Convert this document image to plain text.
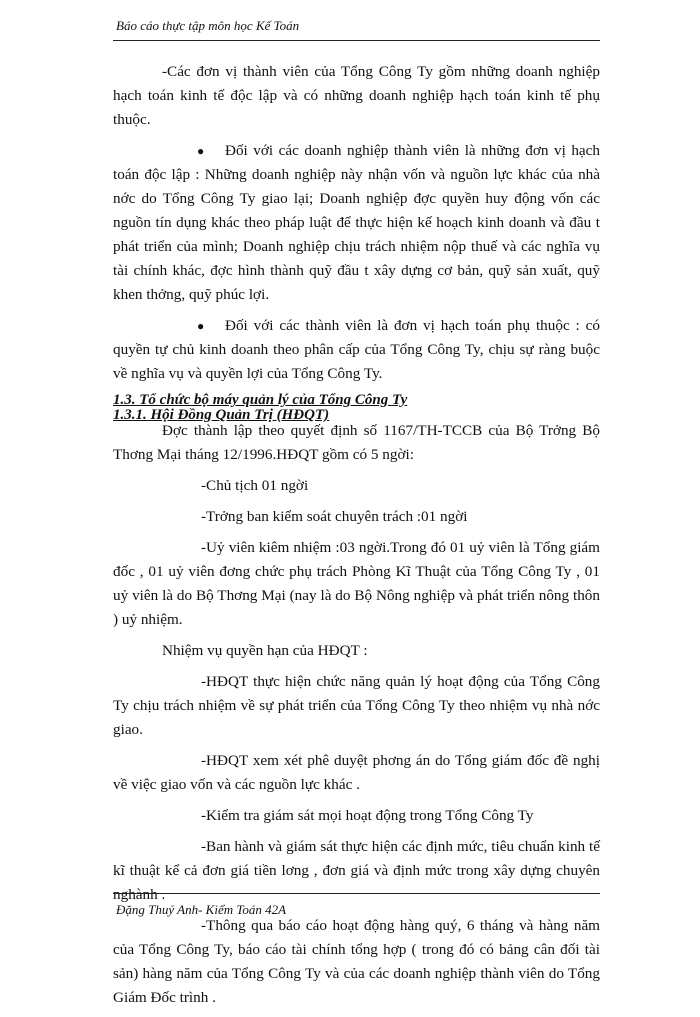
Báo cáo thực tập môn học Kế Toán

-Các đơn vị thành viên của Tổng Công Ty gồm những doanh nghiệp hạch toán kinh tế độc lập và có những doanh nghiệp hạch toán kinh tế phụ thuộc.

●	Đối với các doanh nghiệp thành viên là những đơn vị hạch toán độc lập : Những doanh nghiệp này nhận vốn và nguồn lực khác của nhà nớc do Tổng Công Ty giao lại; Doanh nghiệp đợc quyền huy động vốn các nguồn tín dụng khác theo pháp luật để thực hiện kế hoạch kinh doanh và đầu t phát triển của mình; Doanh nghiệp chịu trách nhiệm nộp thuế và các nghĩa vụ tài chính khác, đợc hình thành quỹ đầu t xây dựng cơ bản, quỹ sản xuất, quỹ khen thởng, quỹ phúc lợi.

●	Đối với các thành viên là đơn vị hạch toán phụ thuộc : có quyền tự chủ kinh doanh theo phân cấp của Tổng Công Ty, chịu sự ràng buộc về nghĩa vụ và quyền lợi của Tổng Công Ty.

1.3. Tổ chức bộ máy quản lý của Tổng Công Ty

1.3.1. Hội Đồng Quản Trị (HĐQT)

Đợc thành lập theo quyết định số 1167/TH-TCCB của Bộ Trởng Bộ Thơng Mại tháng 12/1996.HĐQT gồm có 5 ngời:

-Chủ tịch 01 ngời

-Trởng ban kiểm soát chuyên trách :01 ngời

-Uỷ viên kiêm nhiệm :03 ngời.Trong đó 01 uỷ viên là Tổng giám đốc , 01 uỷ viên đơng chức phụ trách Phòng Kĩ Thuật của Tổng Công Ty , 01 uỷ viên là do Bộ Thơng Mại (nay là do Bộ Nông nghiệp và phát triển nông thôn ) uỷ nhiệm.

Nhiệm vụ quyền hạn của HĐQT :

-HĐQT thực hiện chức năng quản lý hoạt động của Tổng Công Ty chịu trách nhiệm về sự phát triển của Tổng Công Ty theo nhiệm vụ nhà nớc giao.

-HĐQT xem xét phê duyệt phơng án do Tổng giám đốc đề nghị về việc giao vốn và các nguồn lực khác .

-Kiểm tra giám sát mọi hoạt động trong Tổng Công Ty

-Ban hành và giám sát thực hiện các định mức, tiêu chuẩn kinh tế kĩ thuật kể cả đơn giá tiền lơng , đơn giá và định mức trong xây dựng chuyên nghành .

-Thông qua báo cáo hoạt động hàng quý, 6 tháng và hàng năm của Tổng Công Ty, báo cáo tài chính tổng hợp ( trong đó có bảng cân đối tài sản) hàng năm của Tổng Công Ty và của các doanh nghiệp thành viên do Tổng Giám Đốc trình .

Đặng Thuý Anh- Kiểm Toán 42A
